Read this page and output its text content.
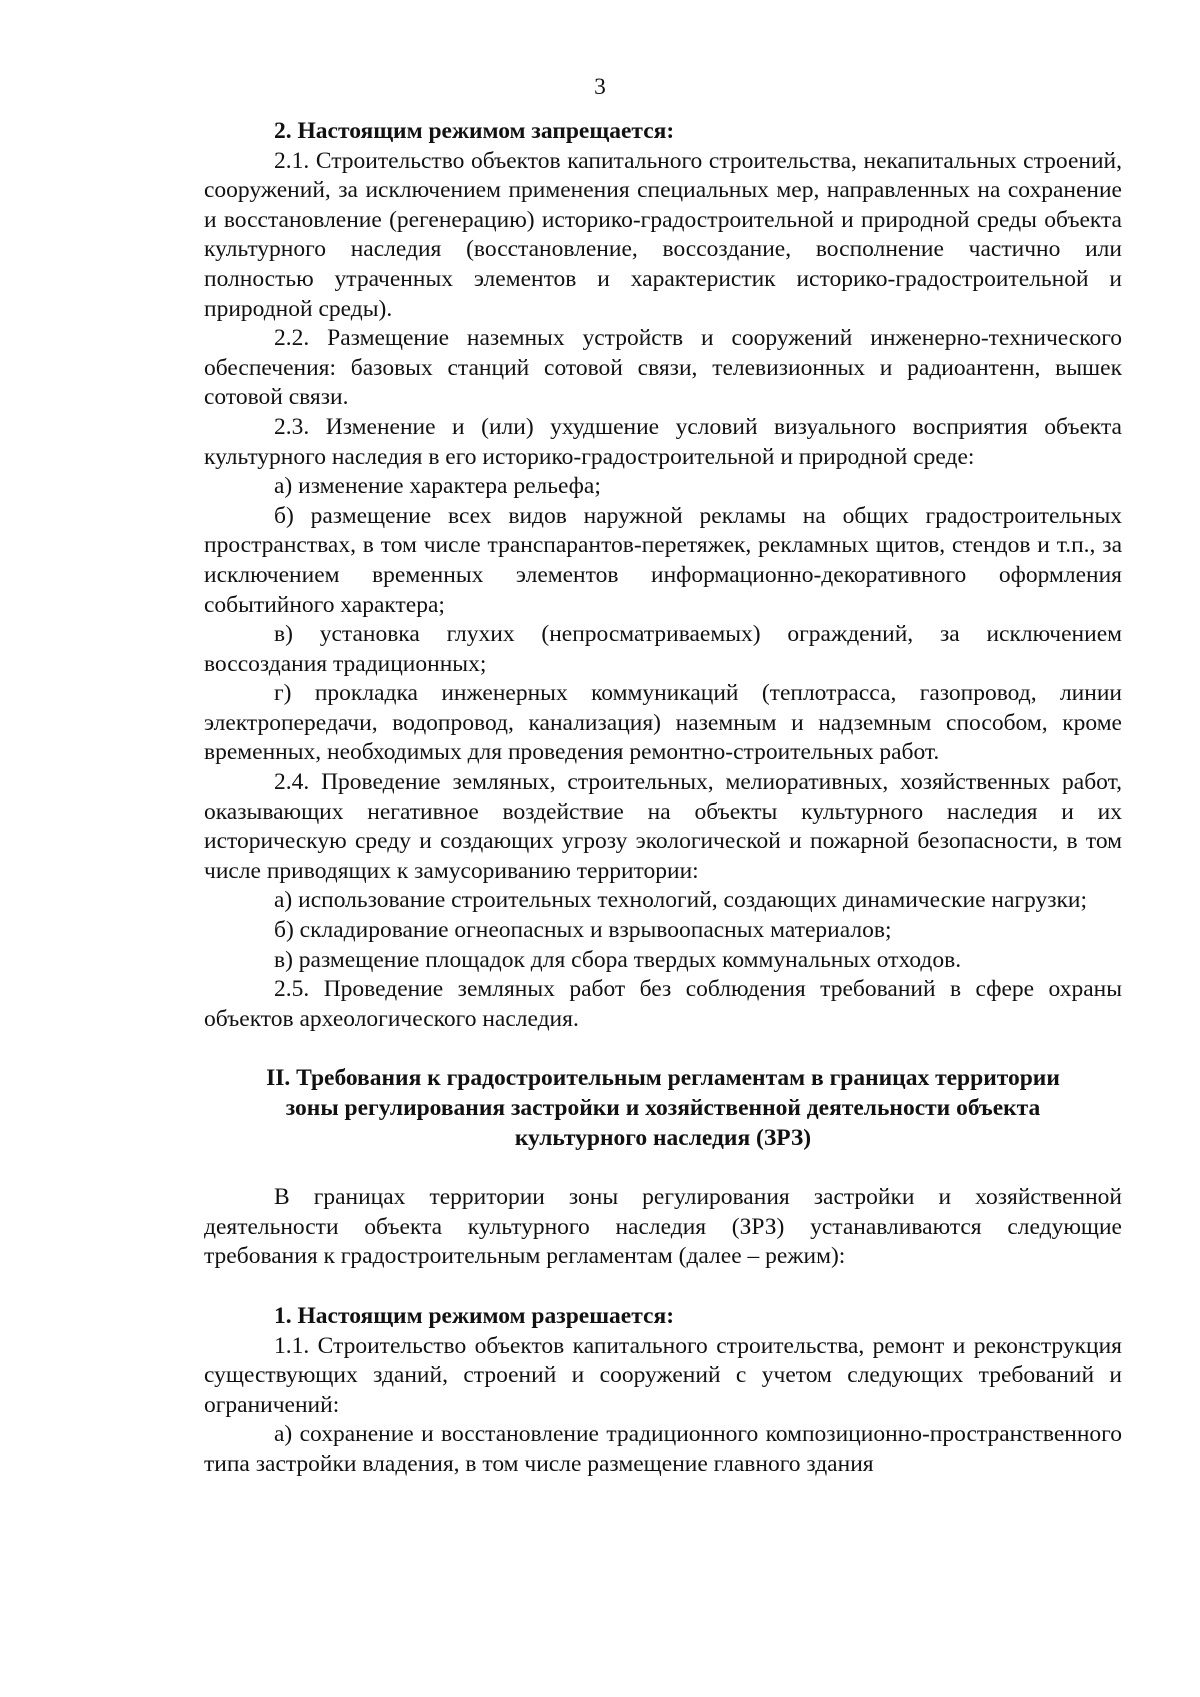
3

2. Настоящим режимом запрещается:

2.1. Строительство объектов капитального строительства, некапитальных строений, сооружений, за исключением применения специальных мер, направленных на сохранение и восстановление (регенерацию) историко-градостроительной и природной среды объекта культурного наследия (восстановление, воссоздание, восполнение частично или полностью утраченных элементов и характеристик историко-градостроительной и природной среды).

2.2. Размещение наземных устройств и сооружений инженерно-технического обеспечения: базовых станций сотовой связи, телевизионных и радиоантенн, вышек сотовой связи.

2.3. Изменение и (или) ухудшение условий визуального восприятия объекта культурного наследия в его историко-градостроительной и природной среде:

а) изменение характера рельефа;

б) размещение всех видов наружной рекламы на общих градостроительных пространствах, в том числе транспарантов-перетяжек, рекламных щитов, стендов и т.п., за исключением временных элементов информационно-декоративного оформления событийного характера;

в) установка глухих (непросматриваемых) ограждений, за исключением воссоздания традиционных;

г) прокладка инженерных коммуникаций (теплотрасса, газопровод, линии электропередачи, водопровод, канализация) наземным и надземным способом, кроме временных, необходимых для проведения ремонтно-строительных работ.

2.4. Проведение земляных, строительных, мелиоративных, хозяйственных работ, оказывающих негативное воздействие на объекты культурного наследия и их историческую среду и создающих угрозу экологической и пожарной безопасности, в том числе приводящих к замусориванию территории:

а) использование строительных технологий, создающих динамические нагрузки;

б) складирование огнеопасных и взрывоопасных материалов;

в) размещение площадок для сбора твердых коммунальных отходов.

2.5. Проведение земляных работ без соблюдения требований в сфере охраны объектов археологического наследия.

II. Требования к градостроительным регламентам в границах территории зоны регулирования застройки и хозяйственной деятельности объекта культурного наследия (ЗРЗ)

В границах территории зоны регулирования застройки и хозяйственной деятельности объекта культурного наследия (ЗРЗ) устанавливаются следующие требования к градостроительным регламентам (далее – режим):

1. Настоящим режимом разрешается:

1.1. Строительство объектов капитального строительства, ремонт и реконструкция существующих зданий, строений и сооружений с учетом следующих требований и ограничений:

а) сохранение и восстановление традиционного композиционно-пространственного типа застройки владения, в том числе размещение главного здания
